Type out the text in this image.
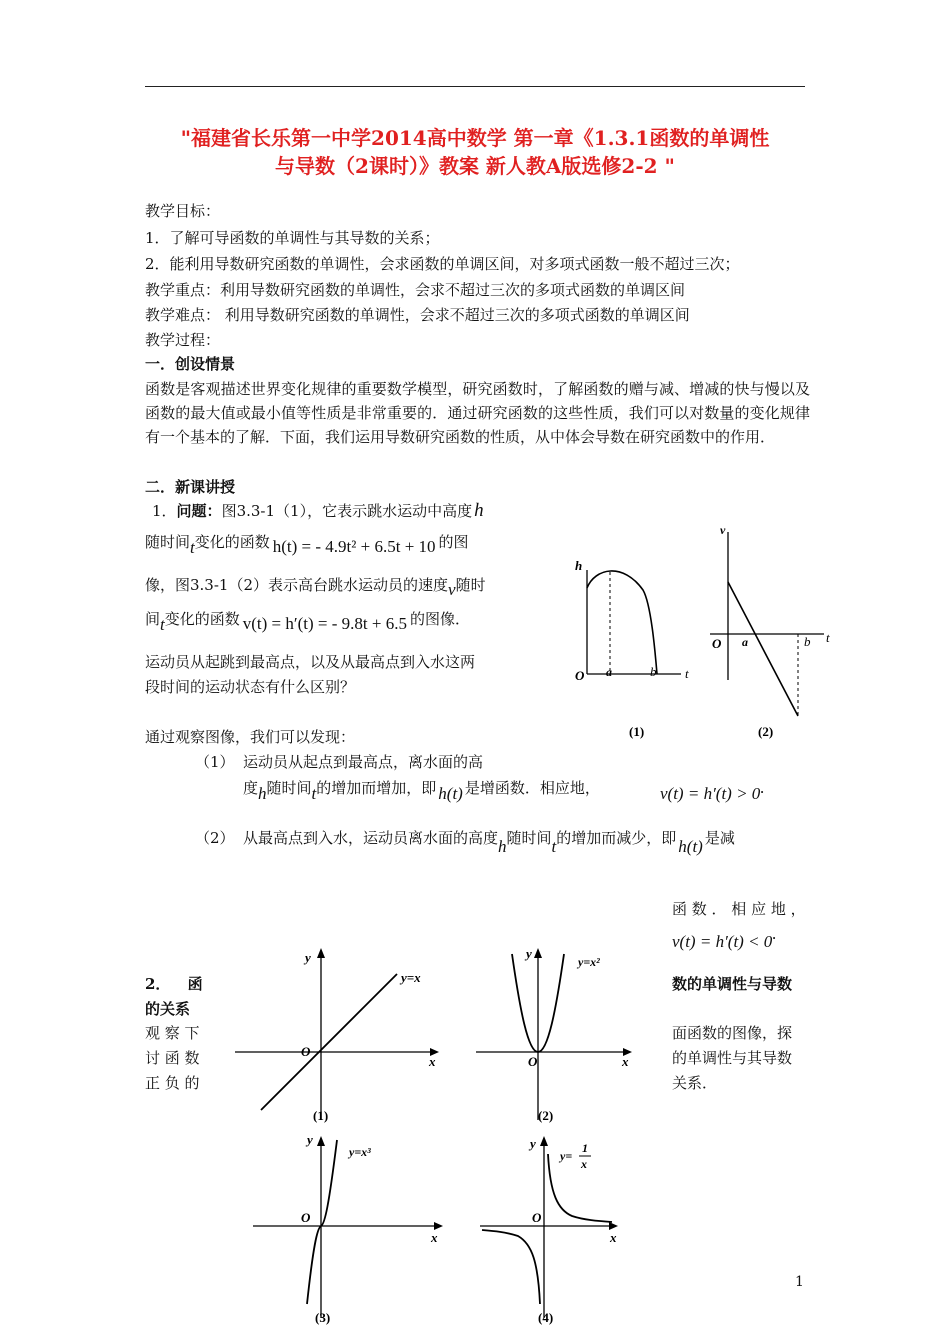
"福建省长乐第一中学2014高中数学 第一章《1.3.1函数的单调性
与导数（2课时）》教案 新人教A版选修2-2 "
教学目标：
1．了解可导函数的单调性与其导数的关系；
2．能利用导数研究函数的单调性，会求函数的单调区间，对多项式函数一般不超过三次；
教学重点：利用导数研究函数的单调性，会求不超过三次的多项式函数的单调区间
教学难点： 利用导数研究函数的单调性，会求不超过三次的多项式函数的单调区间
教学过程：
一．创设情景
函数是客观描述世界变化规律的重要数学模型，研究函数时，了解函数的赠与减、增减的快与慢以及函数的最大值或最小值等性质是非常重要的．通过研究函数的这些性质，我们可以对数量的变化规律有一个基本的了解．下面，我们运用导数研究函数的性质，从中体会导数在研究函数中的作用．
二．新课讲授
1．问题：图3.3-1（1），它表示跳水运动中高度 h
随时间t变化的函数 h(t) = - 4.9t² + 6.5t + 10 的图
像，图3.3-1（2）表示高台跳水运动员的速度v随时
间t变化的函数 v(t) = h′(t) = - 9.8t + 6.5 的图像．
运动员从起跳到最高点，以及从最高点到入水这两
段时间的运动状态有什么区别？
h
t
O a	b
(1)
v
t
O a	b
(2)
通过观察图像，我们可以发现：
（1） 运动员从起点到最高点，离水面的高
度h随时间t的增加而增加，即 h(t) 是增函数．相应地，	v(t) = h′(t) > 0.
（2） 从最高点到入水，运动员离水面的高度h随时间t的增加而减少，即 h(t) 是减
函 数 ． 相 应 地 ，
v(t) = h′(t) < 0.
2． 函
的关系
观 察 下
讨 函 数
正 负 的
数的单调性与导数
面函数的图像，探
的单调性与其导数
关系．
y
x
O
y=x
(1)
y
x
O
y=x²
(2)
y
x
O
y=x³
(3)
y
x
O
y=
1
x
(4)
1
